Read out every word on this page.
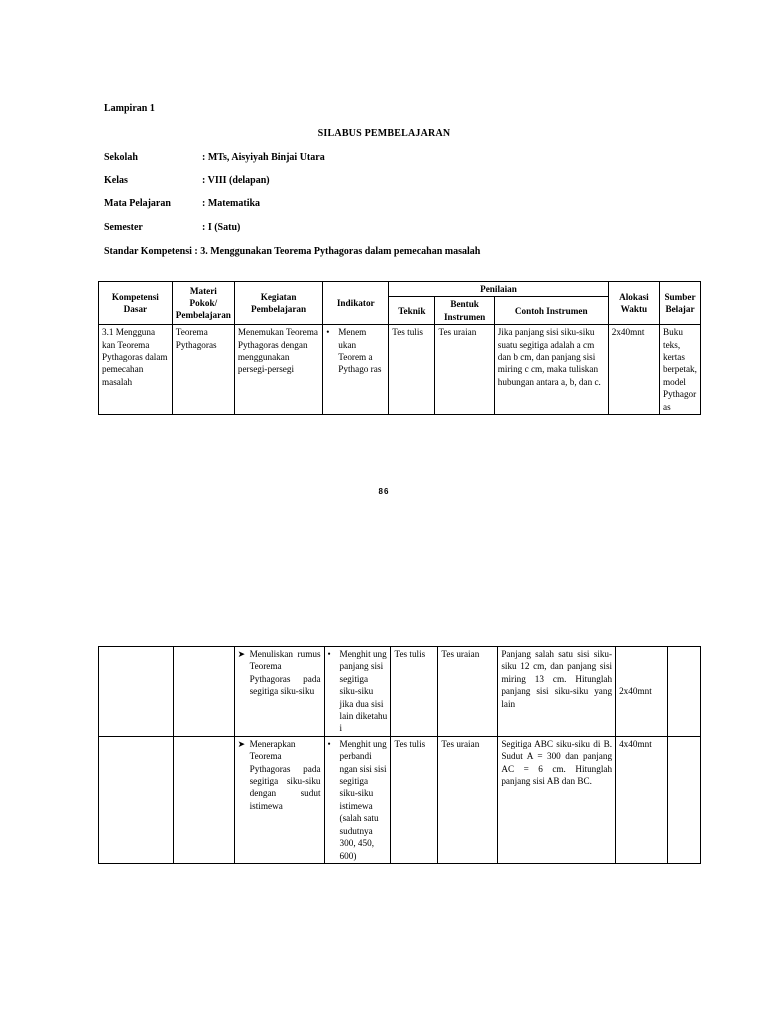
Lampiran 1
SILABUS PEMBELAJARAN
Sekolah	: MTs, Aisyiyah Binjai Utara
Kelas	: VIII (delapan)
Mata Pelajaran	: Matematika
Semester	: I (Satu)
Standar Kompetensi : 3. Menggunakan Teorema Pythagoras dalam pemecahan masalah
Kompetensi Dasar	Materi Pokok/ Pembelajaran	Kegiatan Pembelajaran	Indikator	Penilaian			Alokasi Waktu	Sumber Belajar
				Teknik	Bentuk Instrumen	Contoh Instrumen		
3.1 Mengguna kan Teorema Pythagoras dalam pemecahan masalah	Teorema Pythagoras	Menemukan Teorema Pythagoras dengan menggunakan persegi-persegi	• Menem ukan Teorem a Pythago ras	Tes tulis	Tes uraian	Jika panjang sisi siku-siku suatu segitiga adalah a cm dan b cm, dan panjang sisi miring c cm, maka tuliskan hubungan antara a, b, dan c.	2x40mnt	Buku teks, kertas berpetak, model Pythagor as
86

		➤ Menuliskan rumus Teorema Pythagoras pada segitiga siku-siku	• Menghit ung panjang sisi segitiga siku-siku jika dua sisi lain diketahu i	Tes tulis	Tes uraian	Panjang salah satu sisi siku-siku 12 cm, dan panjang sisi miring 13 cm. Hitunglah panjang sisi siku-siku yang lain	2x40mnt	

		➤ Menerapkan Teorema Pythagoras pada segitiga siku-siku dengan sudut istimewa	• Menghit ung perbandi ngan sisi sisi segitiga siku-siku istimewa (salah satu sudutnya 300, 450, 600)	Tes tulis	Tes uraian	Segitiga ABC siku-siku di B. Sudut A = 300 dan panjang AC = 6 cm. Hitunglah panjang sisi AB dan BC.	4x40mnt	
